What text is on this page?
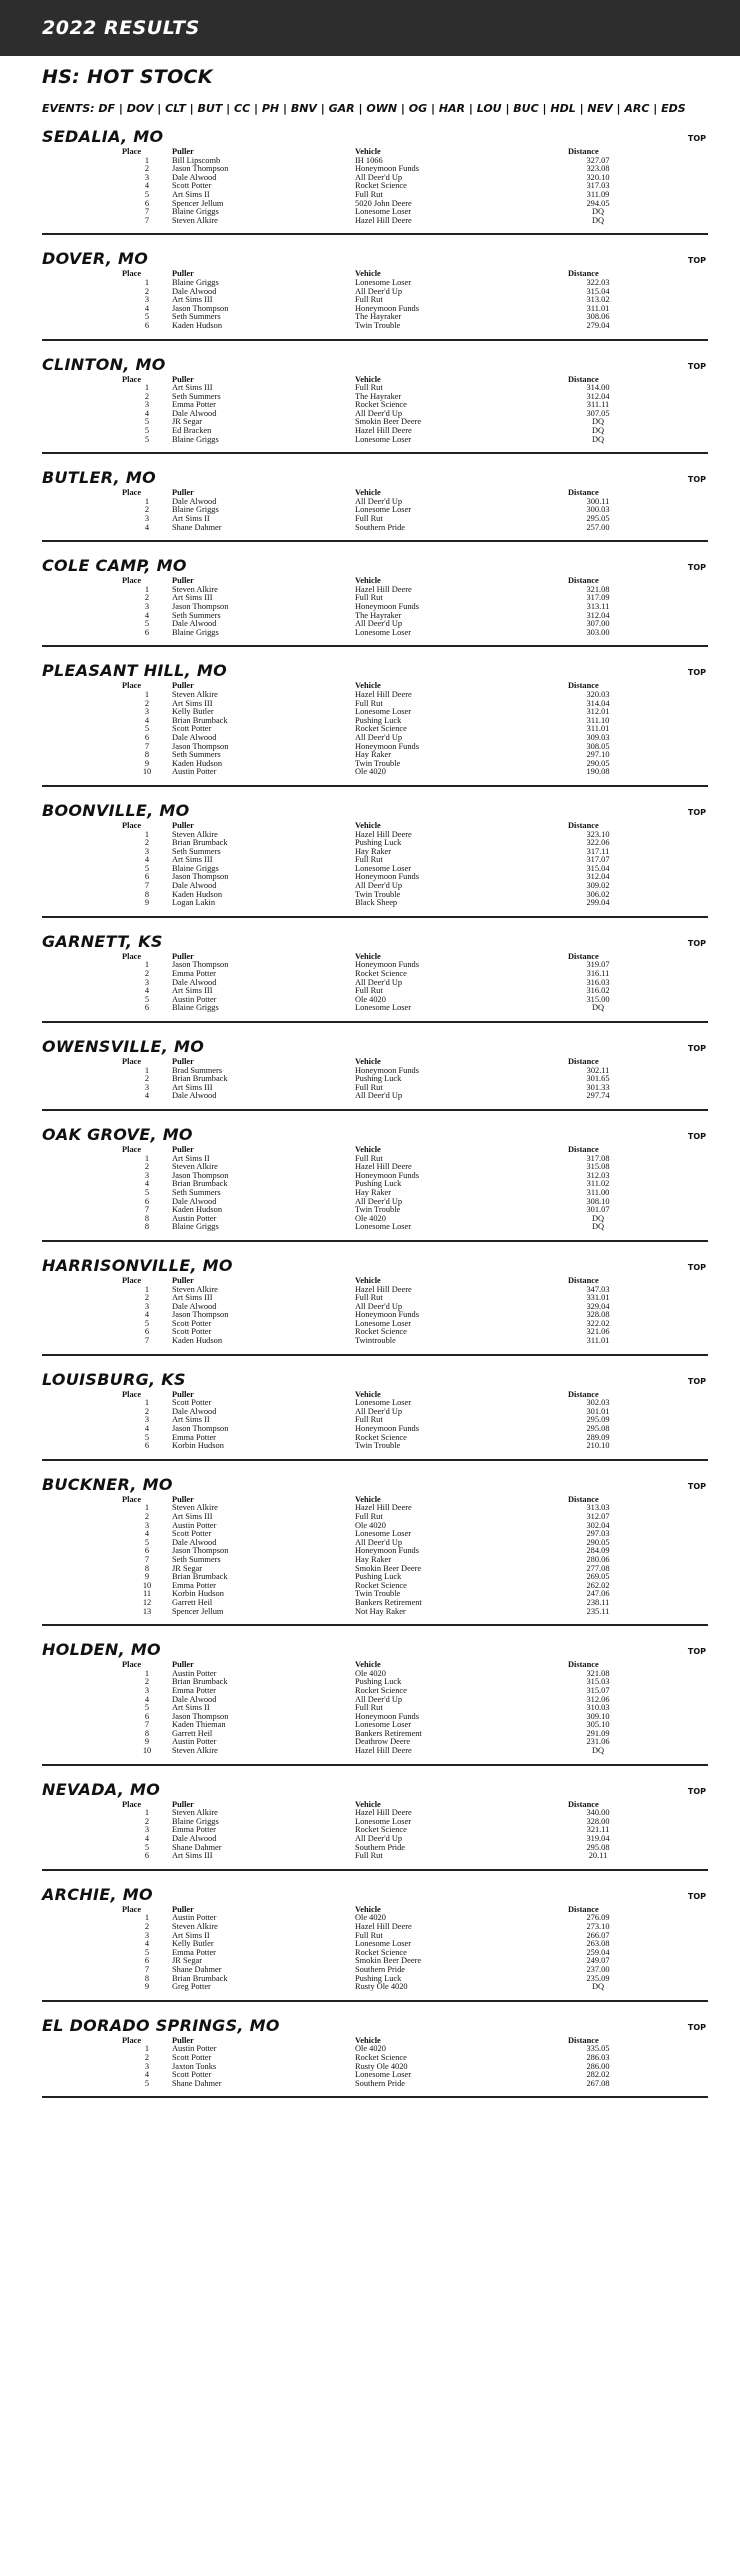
2022 RESULTS
HS: HOT STOCK
EVENTS: DF | DOV | CLT | BUT | CC | PH | BNV | GAR | OWN | OG | HAR | LOU | BUC | HDL | NEV | ARC | EDS
SEDALIA, MO	TOP
Place	Puller	Vehicle	Distance
1	Bill Lipscomb	IH 1066	327.07
2	Jason Thompson	Honeymoon Funds	323.08
3	Dale Alwood	All Deer'd Up	320.10
4	Scott Potter	Rocket Science	317.03
5	Art Sims II	Full Rut	311.09
6	Spencer Jellum	5020 John Deere	294.05
7	Blaine Griggs	Lonesome Loser	DQ
7	Steven Alkire	Hazel Hill Deere	DQ
DOVER, MO	TOP
Place	Puller	Vehicle	Distance
1	Blaine Griggs	Lonesome Loser	322.03
2	Dale Alwood	All Deer'd Up	315.04
3	Art Sims III	Full Rut	313.02
4	Jason Thompson	Honeymoon Funds	311.01
5	Seth Summers	The Hayraker	308.06
6	Kaden Hudson	Twin Trouble	279.04
CLINTON, MO	TOP
Place	Puller	Vehicle	Distance
1	Art Sims III	Full Rut	314.00
2	Seth Summers	The Hayraker	312.04
3	Emma Potter	Rocket Science	311.11
4	Dale Alwood	All Deer'd Up	307.05
5	JR Segar	Smokin Beer Deere	DQ
5	Ed Bracken	Hazel Hill Deere	DQ
5	Blaine Griggs	Lonesome Loser	DQ
BUTLER, MO	TOP
Place	Puller	Vehicle	Distance
1	Dale Alwood	All Deer'd Up	300.11
2	Blaine Griggs	Lonesome Loser	300.03
3	Art Sims II	Full Rut	295.05
4	Shane Dahmer	Southern Pride	257.00
COLE CAMP, MO	TOP
Place	Puller	Vehicle	Distance
1	Steven Alkire	Hazel Hill Deere	321.08
2	Art Sims III	Full Rut	317.09
3	Jason Thompson	Honeymoon Funds	313.11
4	Seth Summers	The Hayraker	312.04
5	Dale Alwood	All Deer'd Up	307.00
6	Blaine Griggs	Lonesome Loser	303.00
PLEASANT HILL, MO	TOP
Place	Puller	Vehicle	Distance
1	Steven Alkire	Hazel Hill Deere	320.03
2	Art Sims III	Full Rut	314.04
3	Kelly Butler	Lonesome Loser	312.01
4	Brian Brumback	Pushing Luck	311.10
5	Scott Potter	Rocket Science	311.01
6	Dale Alwood	All Deer'd Up	309.03
7	Jason Thompson	Honeymoon Funds	308.05
8	Seth Summers	Hay Raker	297.10
9	Kaden Hudson	Twin Trouble	290.05
10	Austin Potter	Ole 4020	190.08
BOONVILLE, MO	TOP
Place	Puller	Vehicle	Distance
1	Steven Alkire	Hazel Hill Deere	323.10
2	Brian Brumback	Pushing Luck	322.06
3	Seth Summers	Hay Raker	317.11
4	Art Sims III	Full Rut	317.07
5	Blaine Griggs	Lonesome Loser	315.04
6	Jason Thompson	Honeymoon Funds	312.04
7	Dale Alwood	All Deer'd Up	309.02
8	Kaden Hudson	Twin Trouble	306.02
9	Logan Lakin	Black Sheep	299.04
GARNETT, KS	TOP
Place	Puller	Vehicle	Distance
1	Jason Thompson	Honeymoon Funds	319.07
2	Emma Potter	Rocket Science	316.11
3	Dale Alwood	All Deer'd Up	316.03
4	Art Sims III	Full Rut	316.02
5	Austin Potter	Ole 4020	315.00
6	Blaine Griggs	Lonesome Loser	DQ
OWENSVILLE, MO	TOP
Place	Puller	Vehicle	Distance
1	Brad Summers	Honeymoon Funds	302.11
2	Brian Brumback	Pushing Luck	301.65
3	Art Sims III	Full Rut	301.33
4	Dale Alwood	All Deer'd Up	297.74
OAK GROVE, MO	TOP
Place	Puller	Vehicle	Distance
1	Art Sims II	Full Rut	317.08
2	Steven Alkire	Hazel Hill Deere	315.08
3	Jason Thompson	Honeymoon Funds	312.03
4	Brian Brumback	Pushing Luck	311.02
5	Seth Summers	Hay Raker	311.00
6	Dale Alwood	All Deer'd Up	308.10
7	Kaden Hudson	Twin Trouble	301.07
8	Austin Potter	Ole 4020	DQ
8	Blaine Griggs	Lonesome Loser	DQ
HARRISONVILLE, MO	TOP
Place	Puller	Vehicle	Distance
1	Steven Alkire	Hazel Hill Deere	347.03
2	Art Sims III	Full Rut	331.01
3	Dale Alwood	All Deer'd Up	329.04
4	Jason Thompson	Honeymoon Funds	328.08
5	Scott Potter	Lonesome Loser	322.02
6	Scott Potter	Rocket Science	321.06
7	Kaden Hudson	Twintrouble	311.01
LOUISBURG, KS	TOP
Place	Puller	Vehicle	Distance
1	Scott Potter	Lonesome Loser	302.03
2	Dale Alwood	All Deer'd Up	301.01
3	Art Sims II	Full Rut	295.09
4	Jason Thompson	Honeymoon Funds	295.08
5	Emma Potter	Rocket Science	289.09
6	Korbin Hudson	Twin Trouble	210.10
BUCKNER, MO	TOP
Place	Puller	Vehicle	Distance
1	Steven Alkire	Hazel Hill Deere	313.03
2	Art Sims III	Full Rut	312.07
3	Austin Potter	Ole 4020	302.04
4	Scott Potter	Lonesome Loser	297.03
5	Dale Alwood	All Deer'd Up	290.05
6	Jason Thompson	Honeymoon Funds	284.09
7	Seth Summers	Hay Raker	280.06
8	JR Segar	Smokin Beer Deere	277.08
9	Brian Brumback	Pushing Luck	269.05
10	Emma Potter	Rocket Science	262.02
11	Korbin Hudson	Twin Trouble	247.06
12	Garrett Heil	Bankers Retirement	238.11
13	Spencer Jellum	Not Hay Raker	235.11
HOLDEN, MO	TOP
Place	Puller	Vehicle	Distance
1	Austin Potter	Ole 4020	321.08
2	Brian Brumback	Pushing Luck	315.03
3	Emma Potter	Rocket Science	315.07
4	Dale Alwood	All Deer'd Up	312.06
5	Art Sims II	Full Rut	310.03
6	Jason Thompson	Honeymoon Funds	309.10
7	Kaden Thieman	Lonesome Loser	305.10
8	Garrett Heil	Bankers Retirement	291.09
9	Austin Potter	Deathrow Deere	231.06
10	Steven Alkire	Hazel Hill Deere	DQ
NEVADA, MO	TOP
Place	Puller	Vehicle	Distance
1	Steven Alkire	Hazel Hill Deere	340.00
2	Blaine Griggs	Lonesome Loser	328.00
3	Emma Potter	Rocket Science	321.11
4	Dale Alwood	All Deer'd Up	319.04
5	Shane Dahmer	Southern Pride	295.08
6	Art Sims III	Full Rut	20.11
ARCHIE, MO	TOP
Place	Puller	Vehicle	Distance
1	Austin Potter	Ole 4020	276.09
2	Steven Alkire	Hazel Hill Deere	273.10
3	Art Sims II	Full Rut	266.07
4	Kelly Butler	Lonesome Loser	263.08
5	Emma Potter	Rocket Science	259.04
6	JR Segar	Smokin Beer Deere	249.07
7	Shane Dahmer	Southern Pride	237.00
8	Brian Brumback	Pushing Luck	235.09
9	Greg Potter	Rusty Ole 4020	DQ
EL DORADO SPRINGS, MO	TOP
Place	Puller	Vehicle	Distance
1	Austin Potter	Ole 4020	335.05
2	Scott Potter	Rocket Science	286.03
3	Jaxton Tonks	Rusty Ole 4020	286.00
4	Scott Potter	Lonesome Loser	282.02
5	Shane Dahmer	Southern Pride	267.08
